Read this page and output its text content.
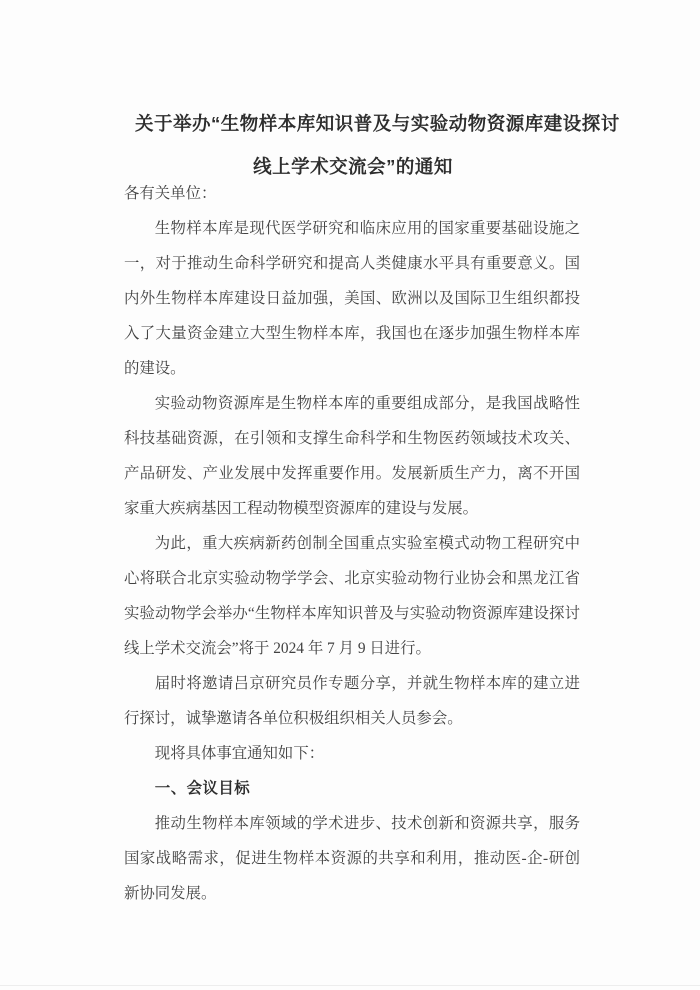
关于举办“生物样本库知识普及与实验动物资源库建设探讨
线上学术交流会”的通知
各有关单位：

生物样本库是现代医学研究和临床应用的国家重要基础设施之一，对于推动生命科学研究和提高人类健康水平具有重要意义。国内外生物样本库建设日益加强，美国、欧洲以及国际卫生组织都投入了大量资金建立大型生物样本库，我国也在逐步加强生物样本库的建设。

实验动物资源库是生物样本库的重要组成部分，是我国战略性科技基础资源，在引领和支撑生命科学和生物医药领域技术攻关、产品研发、产业发展中发挥重要作用。发展新质生产力，离不开国家重大疾病基因工程动物模型资源库的建设与发展。

为此，重大疾病新药创制全国重点实验室模式动物工程研究中心将联合北京实验动物学学会、北京实验动物行业协会和黑龙江省实验动物学会举办“生物样本库知识普及与实验动物资源库建设探讨线上学术交流会”将于 2024 年 7 月 9 日进行。

届时将邀请吕京研究员作专题分享，并就生物样本库的建立进行探讨，诚挚邀请各单位积极组织相关人员参会。

现将具体事宜通知如下：

一、会议目标

推动生物样本库领域的学术进步、技术创新和资源共享，服务国家战略需求，促进生物样本资源的共享和利用，推动医-企-研创新协同发展。
